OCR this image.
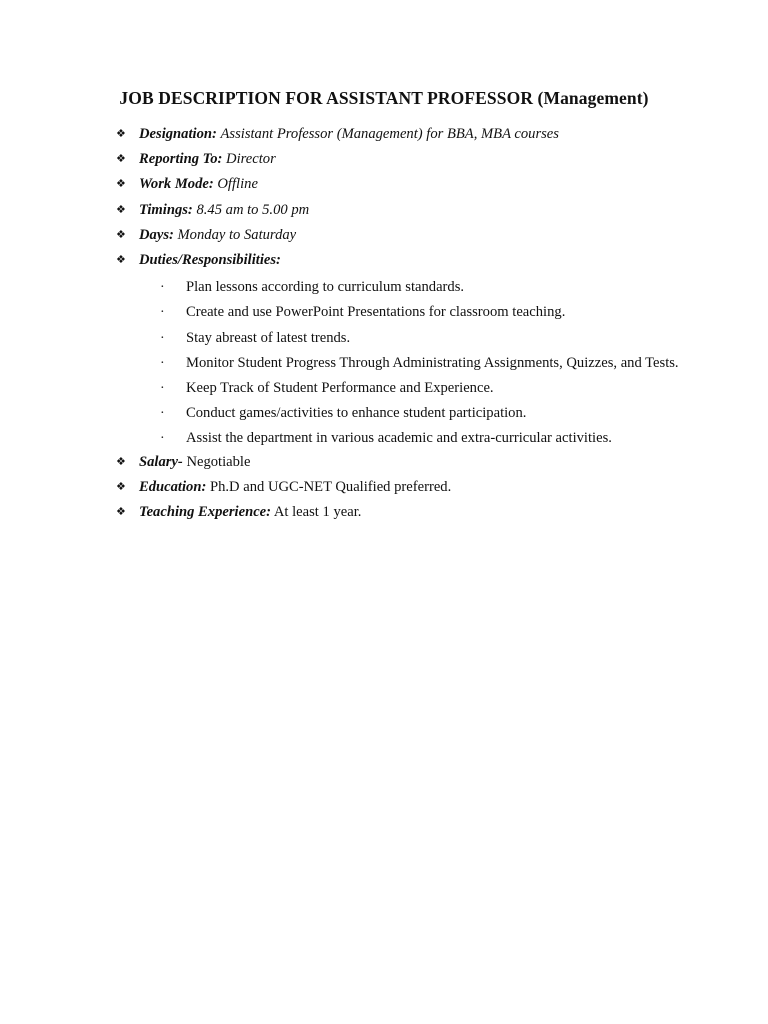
JOB DESCRIPTION FOR ASSISTANT PROFESSOR (Management)
❖ Designation: Assistant Professor (Management) for BBA, MBA courses
❖ Reporting To: Director
❖ Work Mode: Offline
❖ Timings: 8.45 am to 5.00 pm
❖ Days: Monday to Saturday
❖ Duties/Responsibilities:
· Plan lessons according to curriculum standards.
· Create and use PowerPoint Presentations for classroom teaching.
· Stay abreast of latest trends.
· Monitor Student Progress Through Administrating Assignments, Quizzes, and Tests.
· Keep Track of Student Performance and Experience.
· Conduct games/activities to enhance student participation.
· Assist the department in various academic and extra-curricular activities.
❖ Salary- Negotiable
❖ Education: Ph.D and UGC-NET Qualified preferred.
❖ Teaching Experience: At least 1 year.
